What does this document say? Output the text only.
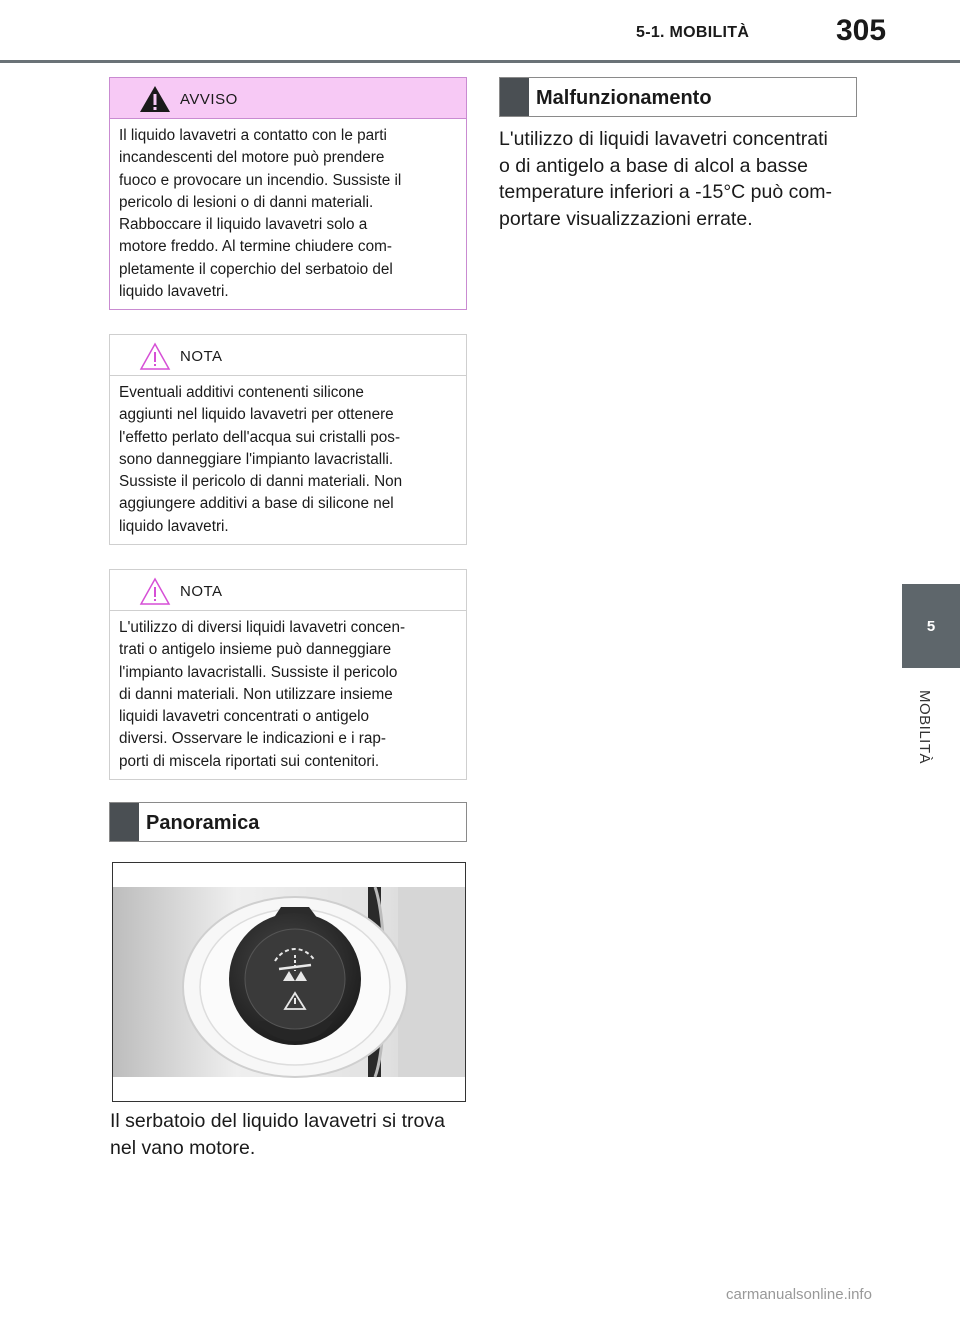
5-1. MOBILITÀ	305
5
MOBILITÀ
AVVISO
Il liquido lavavetri a contatto con le parti
incandescenti del motore può prendere
fuoco e provocare un incendio. Sussiste il
pericolo di lesioni o di danni materiali.
Rabboccare il liquido lavavetri solo a
motore freddo. Al termine chiudere com-
pletamente il coperchio del serbatoio del
liquido lavavetri.
NOTA
Eventuali additivi contenenti silicone
aggiunti nel liquido lavavetri per ottenere
l'effetto perlato dell'acqua sui cristalli pos-
sono danneggiare l'impianto lavacristalli.
Sussiste il pericolo di danni materiali. Non
aggiungere additivi a base di silicone nel
liquido lavavetri.
NOTA
L'utilizzo di diversi liquidi lavavetri concen-
trati o antigelo insieme può danneggiare
l'impianto lavacristalli. Sussiste il pericolo
di danni materiali. Non utilizzare insieme
liquidi lavavetri concentrati o antigelo
diversi. Osservare le indicazioni e i rap-
porti di miscela riportati sui contenitori.
Panoramica
Il serbatoio del liquido lavavetri si trova
nel vano motore.
Malfunzionamento
L'utilizzo di liquidi lavavetri concentrati
o di antigelo a base di alcol a basse
temperature inferiori a -15°C può com-
portare visualizzazioni errate.
carmanualsonline.info
